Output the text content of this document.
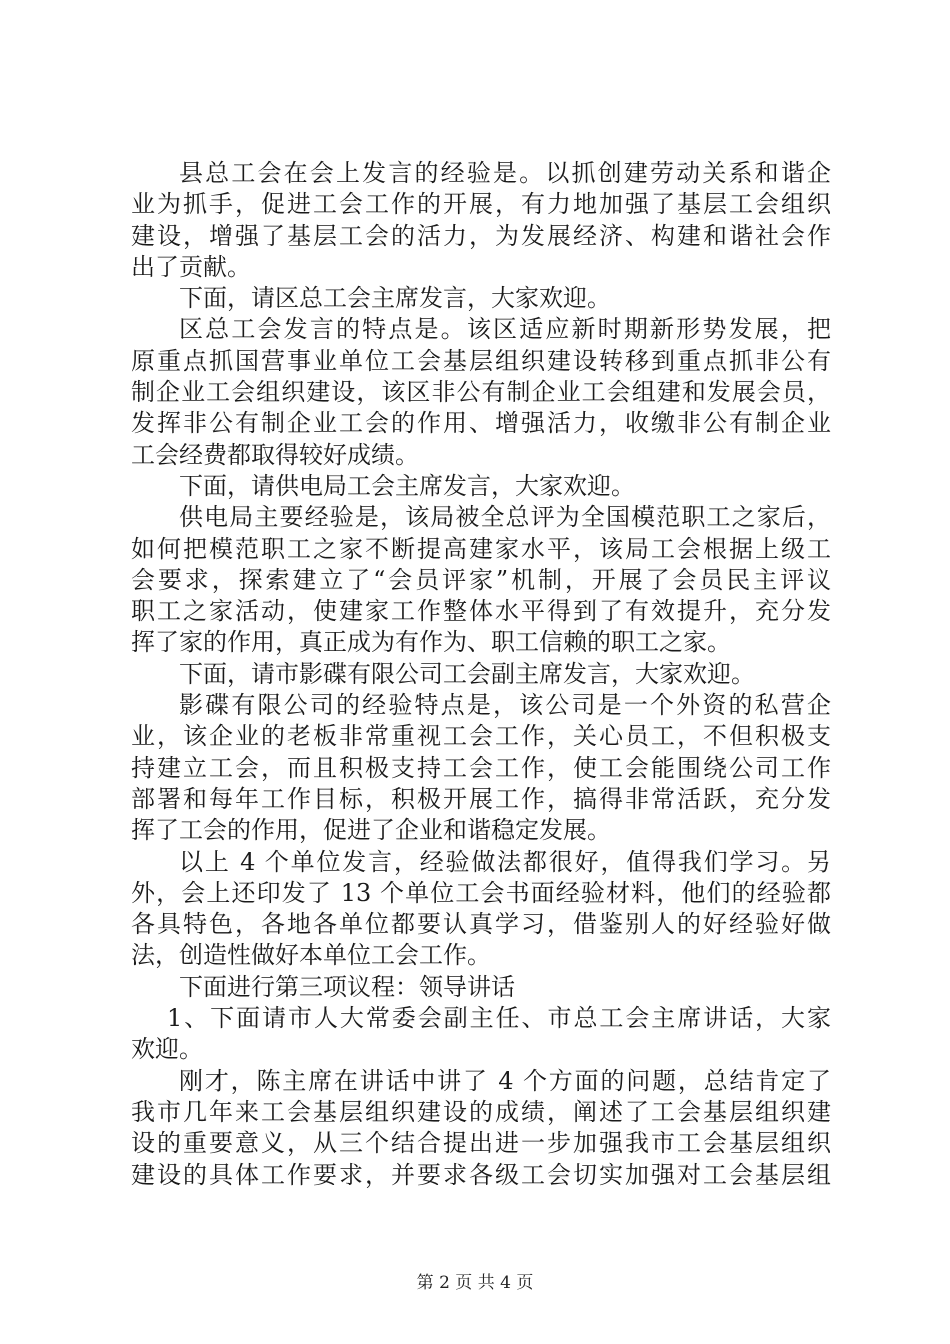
县总工会在会上发言的经验是。以抓创建劳动关系和谐企
业为抓手，促进工会工作的开展，有力地加强了基层工会组织
建设，增强了基层工会的活力，为发展经济、构建和谐社会作
出了贡献。
下面，请区总工会主席发言，大家欢迎。
区总工会发言的特点是。该区适应新时期新形势发展，把
原重点抓国营事业单位工会基层组织建设转移到重点抓非公有
制企业工会组织建设，该区非公有制企业工会组建和发展会员，
发挥非公有制企业工会的作用、增强活力，收缴非公有制企业
工会经费都取得较好成绩。
下面，请供电局工会主席发言，大家欢迎。
供电局主要经验是，该局被全总评为全国模范职工之家后，
如何把模范职工之家不断提高建家水平，该局工会根据上级工
会要求，探索建立了“会员评家”机制，开展了会员民主评议
职工之家活动，使建家工作整体水平得到了有效提升，充分发
挥了家的作用，真正成为有作为、职工信赖的职工之家。
下面，请市影碟有限公司工会副主席发言，大家欢迎。
影碟有限公司的经验特点是，该公司是一个外资的私营企
业，该企业的老板非常重视工会工作，关心员工，不但积极支
持建立工会，而且积极支持工会工作，使工会能围绕公司工作
部署和每年工作目标，积极开展工作，搞得非常活跃，充分发
挥了工会的作用，促进了企业和谐稳定发展。
以上 4 个单位发言，经验做法都很好，值得我们学习。另
外，会上还印发了 13 个单位工会书面经验材料，他们的经验都
各具特色，各地各单位都要认真学习，借鉴别人的好经验好做
法，创造性做好本单位工会工作。
下面进行第三项议程：领导讲话
1、下面请市人大常委会副主任、市总工会主席讲话，大家
欢迎。
刚才，陈主席在讲话中讲了 4 个方面的问题，总结肯定了
我市几年来工会基层组织建设的成绩，阐述了工会基层组织建
设的重要意义，从三个结合提出进一步加强我市工会基层组织
建设的具体工作要求，并要求各级工会切实加强对工会基层组
第 2 页 共 4 页
